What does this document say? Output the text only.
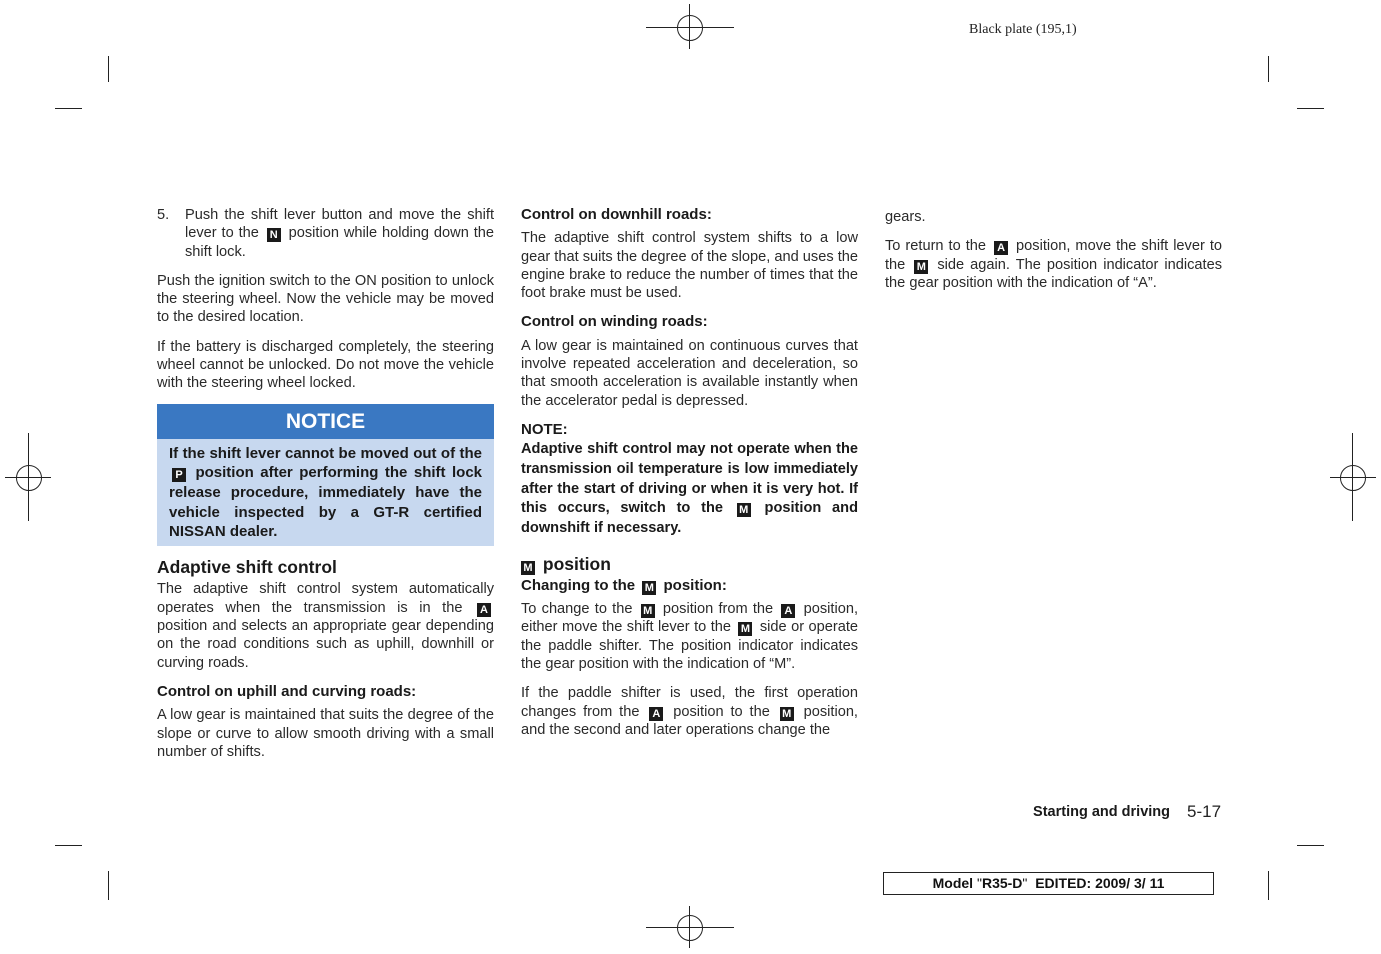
Black plate (195,1)
5.	Push the shift lever button and move the shift lever to the N position while holding down the shift lock.

Push the ignition switch to the ON position to unlock the steering wheel. Now the vehicle may be moved to the desired location.

If the battery is discharged completely, the steering wheel cannot be unlocked. Do not move the vehicle with the steering wheel locked.

NOTICE
If the shift lever cannot be moved out of the P position after performing the shift lock release procedure, immediately have the vehicle inspected by a GT-R certified NISSAN dealer.
Adaptive shift control

The adaptive shift control system automatically operates when the transmission is in the A position and selects an appropriate gear depending on the road conditions such as uphill, downhill or curving roads.

Control on uphill and curving roads:

A low gear is maintained that suits the degree of the slope or curve to allow smooth driving with a small number of shifts.

Control on downhill roads:

The adaptive shift control system shifts to a low gear that suits the degree of the slope, and uses the engine brake to reduce the number of times that the foot brake must be used.

Control on winding roads:

A low gear is maintained on continuous curves that involve repeated acceleration and deceleration, so that smooth acceleration is available instantly when the accelerator pedal is depressed.

NOTE:

Adaptive shift control may not operate when the transmission oil temperature is low immediately after the start of driving or when it is very hot. If this occurs, switch to the M position and downshift if necessary.

M position
Changing to the M position:

To change to the M position from the A position, either move the shift lever to the M side or operate the paddle shifter. The position indicator indicates the gear position with the indication of “M”.

If the paddle shifter is used, the first operation changes from the A position to the M position, and the second and later operations change the

gears.

To return to the A position, move the shift lever to the M side again. The position indicator indicates the gear position with the indication of “A”.

Starting and driving 5-17
Model "R35-D" EDITED: 2009/ 3/ 11
